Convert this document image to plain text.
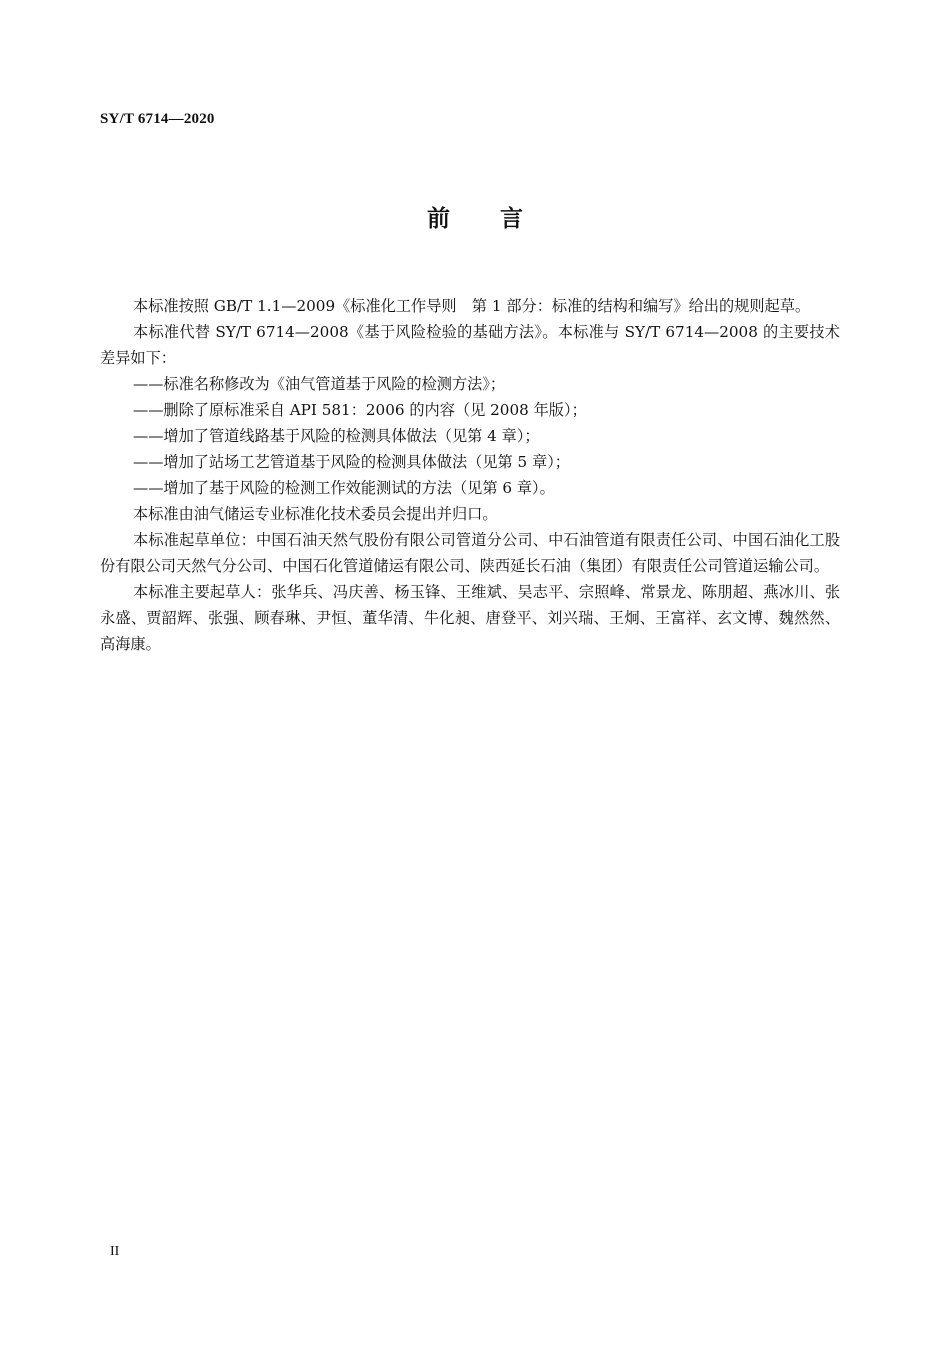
SY/T 6714—2020
前言

本标准按照 GB/T 1.1—2009《标准化工作导则　第 1 部分：标准的结构和编写》给出的规则起草。

本标准代替 SY/T 6714—2008《基于风险检验的基础方法》。本标准与 SY/T 6714—2008 的主要技术差异如下：

——标准名称修改为《油气管道基于风险的检测方法》；

——删除了原标准采自 API 581：2006 的内容（见 2008 年版）；

——增加了管道线路基于风险的检测具体做法（见第 4 章）；

——增加了站场工艺管道基于风险的检测具体做法（见第 5 章）；

——增加了基于风险的检测工作效能测试的方法（见第 6 章）。

本标准由油气储运专业标准化技术委员会提出并归口。

本标准起草单位：中国石油天然气股份有限公司管道分公司、中石油管道有限责任公司、中国石油化工股份有限公司天然气分公司、中国石化管道储运有限公司、陕西延长石油（集团）有限责任公司管道运输公司。

本标准主要起草人：张华兵、冯庆善、杨玉锋、王维斌、吴志平、宗照峰、常景龙、陈朋超、燕冰川、张永盛、贾韶辉、张强、顾春琳、尹恒、董华清、牛化昶、唐登平、刘兴瑞、王炯、王富祥、玄文博、魏然然、高海康。

II
